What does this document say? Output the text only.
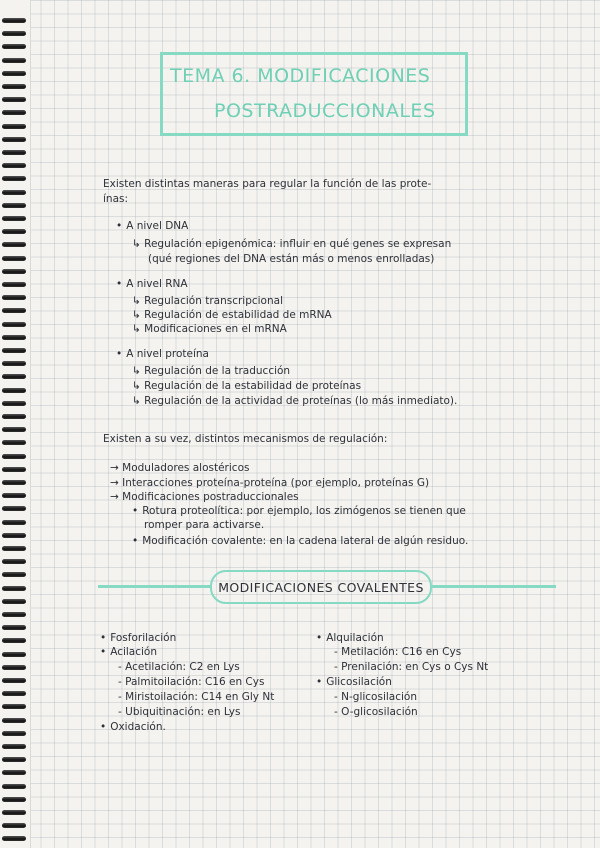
TEMA 6. MODIFICACIONES
POSTRADUCCIONALES
Existen distintas maneras para regular la función de las prote-
ínas:
• A nivel DNA
↳ Regulación epigenómica: influir en qué genes se expresan
(qué regiones del DNA están más o menos enrolladas)
• A nivel RNA
↳ Regulación transcripcional
↳ Regulación de estabilidad de mRNA
↳ Modificaciones en el mRNA
• A nivel proteína
↳ Regulación de la traducción
↳ Regulación de la estabilidad de proteínas
↳ Regulación de la actividad de proteínas (lo más inmediato).
Existen a su vez, distintos mecanismos de regulación:
→ Moduladores alostéricos
→ Interacciones proteína-proteína (por ejemplo, proteínas G)
→ Modificaciones postraduccionales
• Rotura proteolítica: por ejemplo, los zimógenos se tienen que
romper para activarse.
• Modificación covalente: en la cadena lateral de algún residuo.
MODIFICACIONES COVALENTES
• Fosforilación
• Acilación
- Acetilación: C2 en Lys
- Palmitoilación: C16 en Cys
- Miristoilación: C14 en Gly Nt
- Ubiquitinación: en Lys
• Oxidación.
• Alquilación
- Metilación: C16 en Cys
- Prenilación: en Cys o Cys Nt
• Glicosilación
- N-glicosilación
- O-glicosilación
